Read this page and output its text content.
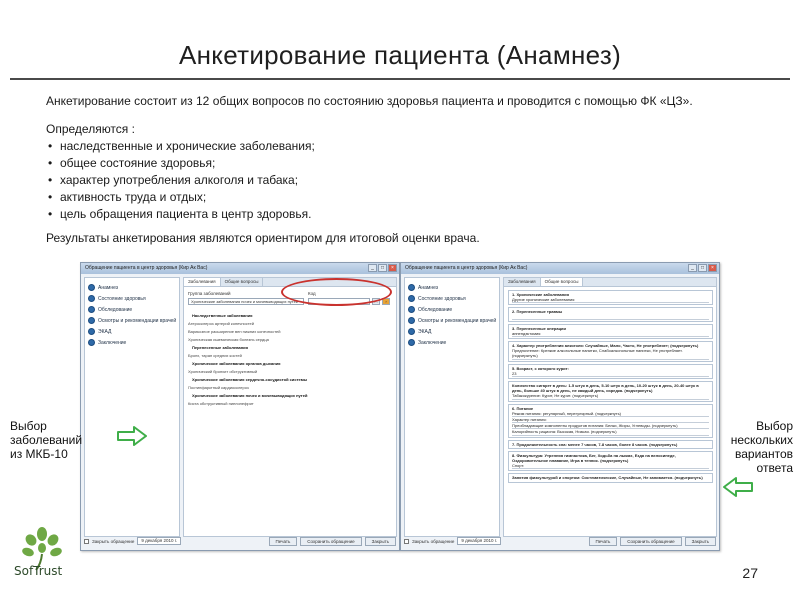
Анкетирование пациента (Анамнез)
Анкетирование состоит из 12 общих вопросов по состоянию здоровья пациента и проводится с помощью ФК «ЦЗ».
Определяются :
• наследственные и хронические заболевания;
• общее состояние здоровья;
• характер употребления алкоголя и табака;
• активность труда и отдых;
• цель обращения пациента в центр здоровья.
Результаты анкетирования являются ориентиром для итоговой оценки врача.
Обращение пациента в центр здоровья (Кир Ак Вас)	_	□	×
Анамнез
Состояние здоровья
Обследование
Осмотры и рекомендации врачей
ЭКАД
Заключение
Заболевания	Общие вопросы
Группа заболеваний	Код
Хронические заболевания почек и мочевыводящих путей	…	›
Наследственные заболевания
Атеросклероз артерий конечностей
Варикозное расширение вен нижних конечностей
Хроническая ишемическая болезнь сердца
Перенесенные заболевания
Бронх, таран средних костей
Хронические заболевания органов дыхания
Хронический бронхит обструктивный
Хронические заболевания сердечно-сосудистой системы
Постинфарктный кардиосклероз
Хронические заболевания почек и мочевыводящих путей
Киста обструктивный пиелонефрит
Закрыть обращение	9 декабря 2010 г.	Печать	Сохранить обращение	Закрыть
Обращение пациента в центр здоровья (Кир Ак Вас)	_	□	×
Анамнез
Состояние здоровья
Обследование
Осмотры и рекомендации врачей
ЭКАД
Заключение
Заболевания	Общие вопросы
1. Хронические заболевания
Другие хронические заболевания
2. Перенесенные травмы
3. Перенесенные операции
аппендэктомия
4. Характер употребления алкоголя: Случайные, Мало, Часто, Не употребляет; (подчеркнуть)
Предпочтение: Крепкие алкогольные напитки, Слабоалкогольные напитки, Не употребляет. (подчеркнуть)
5. Возраст, с которого курит:
23
Количество сигарет в день: 1-5 штук в день, 5-10 штук в день, 10-20 штук в день, 20-40 штук в день, больше 40 штук в день, не каждый день, изредка. (подчеркнуть)
Табакокурение: Курит, Не курит. (подчеркнуть)
6. Питание
Режим питания: регулярный, нерегулярный. (подчеркнуть)
Характер питания:
Преобладающие компоненты продуктов питания: Белки, Жиры, Углеводы. (подчеркнуть)
Калорийность рациона: Высокая, Низкая. (подчеркнуть)
7. Продолжительность сна: менее 7 часов, 7-8 часов, более 8 часов. (подчеркнуть)
8. Физкультура: Утренняя гимнастика, Бег, Ходьба на лыжах, Езда на велосипеде, Оздоровительное плавание, Игра в теннис. (подчеркнуть)
Спорт:
Занятия физкультурой и спортом: Систематические, Случайные, Не занимается. (подчеркнуть)
Закрыть обращение	9 декабря 2010 г.	Печать	Сохранить обращение	Закрыть
Выбор
заболеваний
из МКБ-10
Выбор
нескольких
вариантов
ответа
SofTrust	27
